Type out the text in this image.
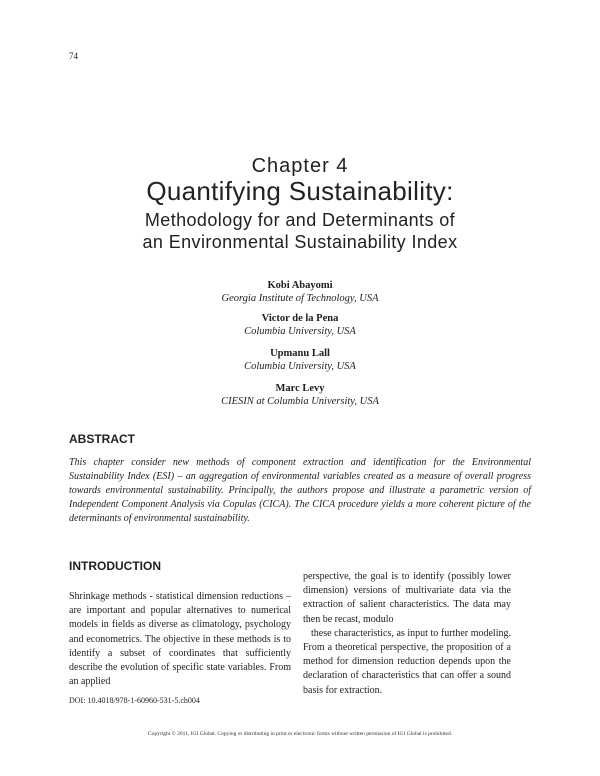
74
Chapter 4
Quantifying Sustainability:
Methodology for and Determinants of
an Environmental Sustainability Index
Kobi Abayomi
Georgia Institute of Technology, USA
Victor de la Pena
Columbia University, USA
Upmanu Lall
Columbia University, USA
Marc Levy
CIESIN at Columbia University, USA
ABSTRACT
This chapter consider new methods of component extraction and identification for the Environmental Sustainability Index (ESI) – an aggregation of environmental variables created as a measure of overall progress towards environmental sustainability. Principally, the authors propose and illustrate a parametric version of Independent Component Analysis via Copulas (CICA). The CICA procedure yields a more coherent picture of the determinants of environmental sustainability.
INTRODUCTION

Shrinkage methods - statistical dimension reductions – are important and popular alternatives to numerical models in fields as diverse as climatology, psychology and econometrics. The objective in these methods is to identify a subset of coordinates that sufficiently describe the evolution of specific state variables. From an applied

perspective, the goal is to identify (possibly lower dimension) versions of multivariate data via the extraction of salient characteristics. The data may then be recast, modulo

these characteristics, as input to further modeling. From a theoretical perspective, the proposition of a method for dimension reduction depends upon the declaration of characteristics that can offer a sound basis for extraction.

DOI: 10.4018/978-1-60960-531-5.ch004
Copyright © 2011, IGI Global. Copying or distributing in print or electronic forms without written permission of IGI Global is prohibited.
